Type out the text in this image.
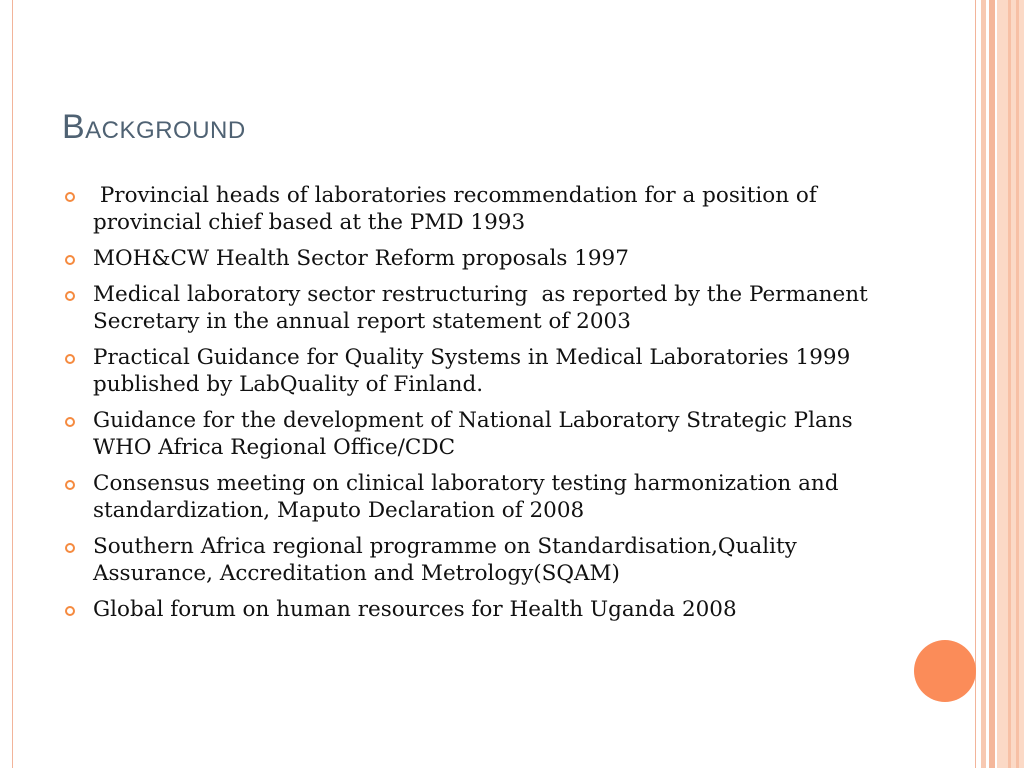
Background
Provincial heads of laboratories recommendation for a position of provincial chief based at the PMD 1993
MOH&CW Health Sector Reform proposals 1997
Medical laboratory sector restructuring  as reported by the Permanent Secretary in the annual report statement of 2003
Practical Guidance for Quality Systems in Medical Laboratories 1999 published by LabQuality of Finland.
Guidance for the development of National Laboratory Strategic Plans WHO Africa Regional Office/CDC
Consensus meeting on clinical laboratory testing harmonization and standardization, Maputo Declaration of 2008
Southern Africa regional programme on Standardisation,Quality Assurance, Accreditation and Metrology(SQAM)
Global forum on human resources for Health Uganda 2008
